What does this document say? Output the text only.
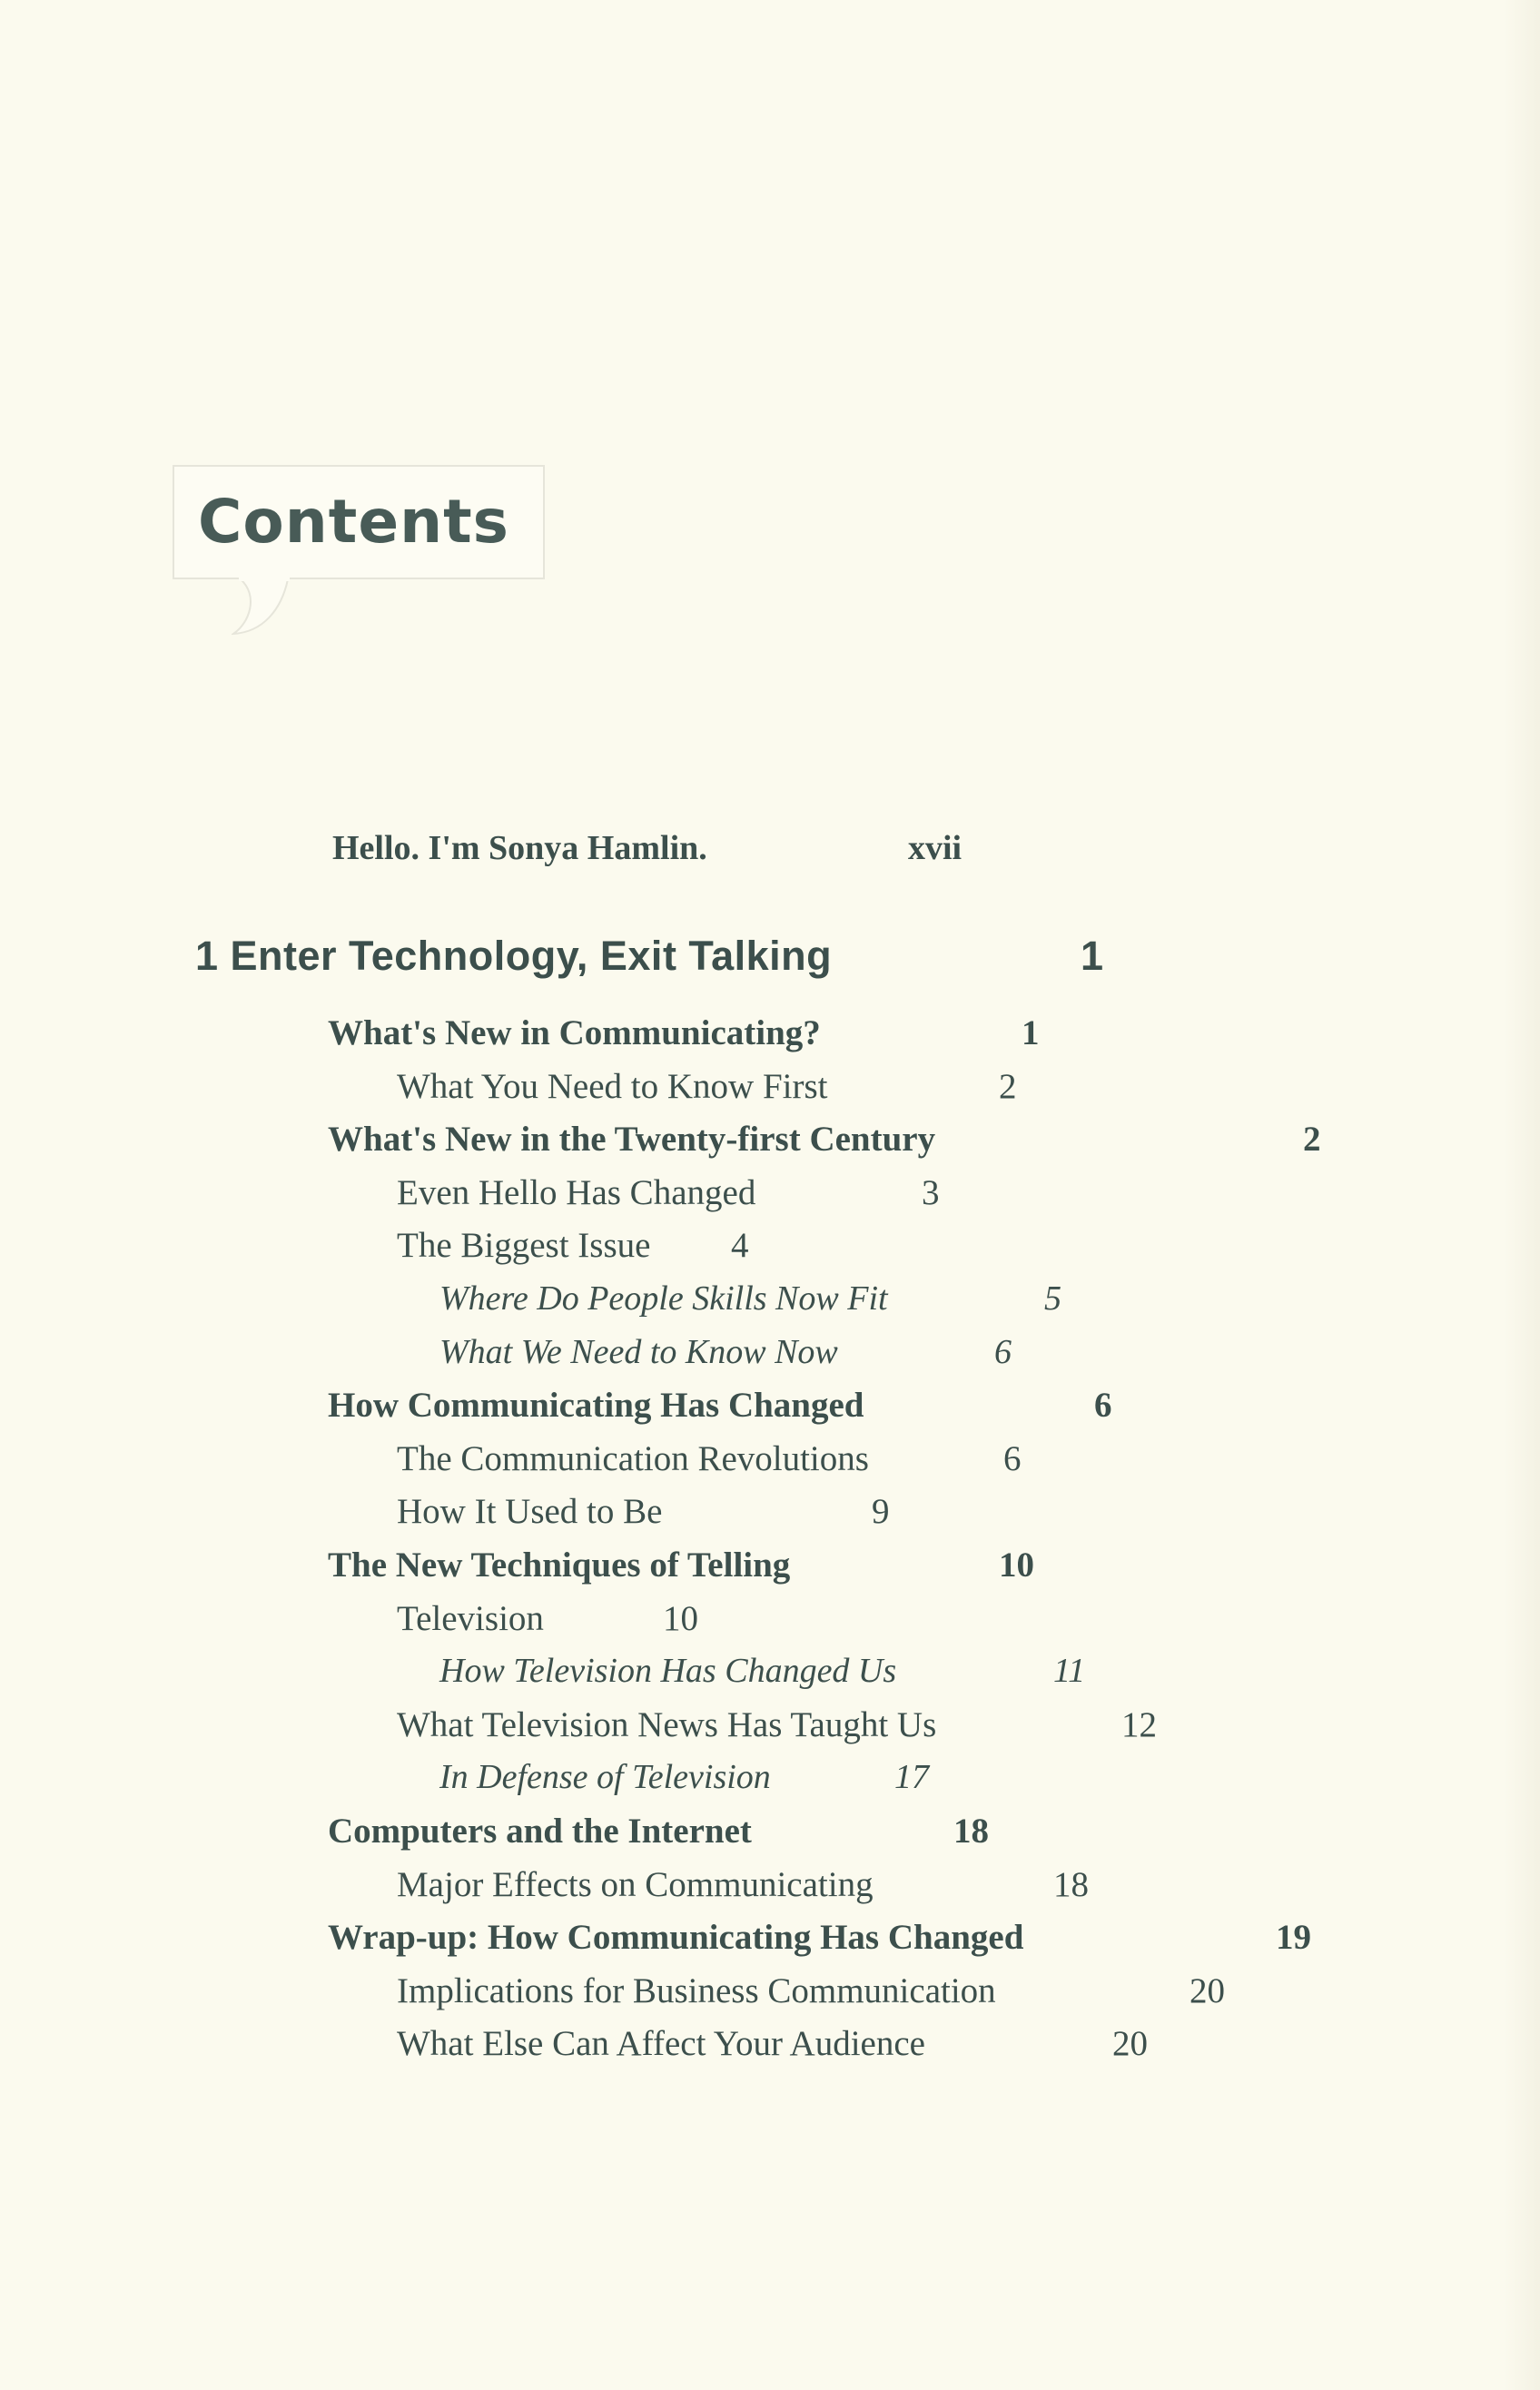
Contents
Hello. I'm Sonya Hamlin.	xvii
1 Enter Technology, Exit Talking	1
What's New in Communicating?	1
What You Need to Know First	2
What's New in the Twenty-first Century	2
Even Hello Has Changed	3
The Biggest Issue 4
Where Do People Skills Now Fit	5
What We Need to Know Now	6
How Communicating Has Changed	6
The Communication Revolutions	6
How It Used to Be	9
The New Techniques of Telling	10
Television	10
How Television Has Changed Us	11
What Television News Has Taught Us	12
In Defense of Television	17
Computers and the Internet	18
Major Effects on Communicating	18
Wrap-up: How Communicating Has Changed	19
Implications for Business Communication	20
What Else Can Affect Your Audience	20
